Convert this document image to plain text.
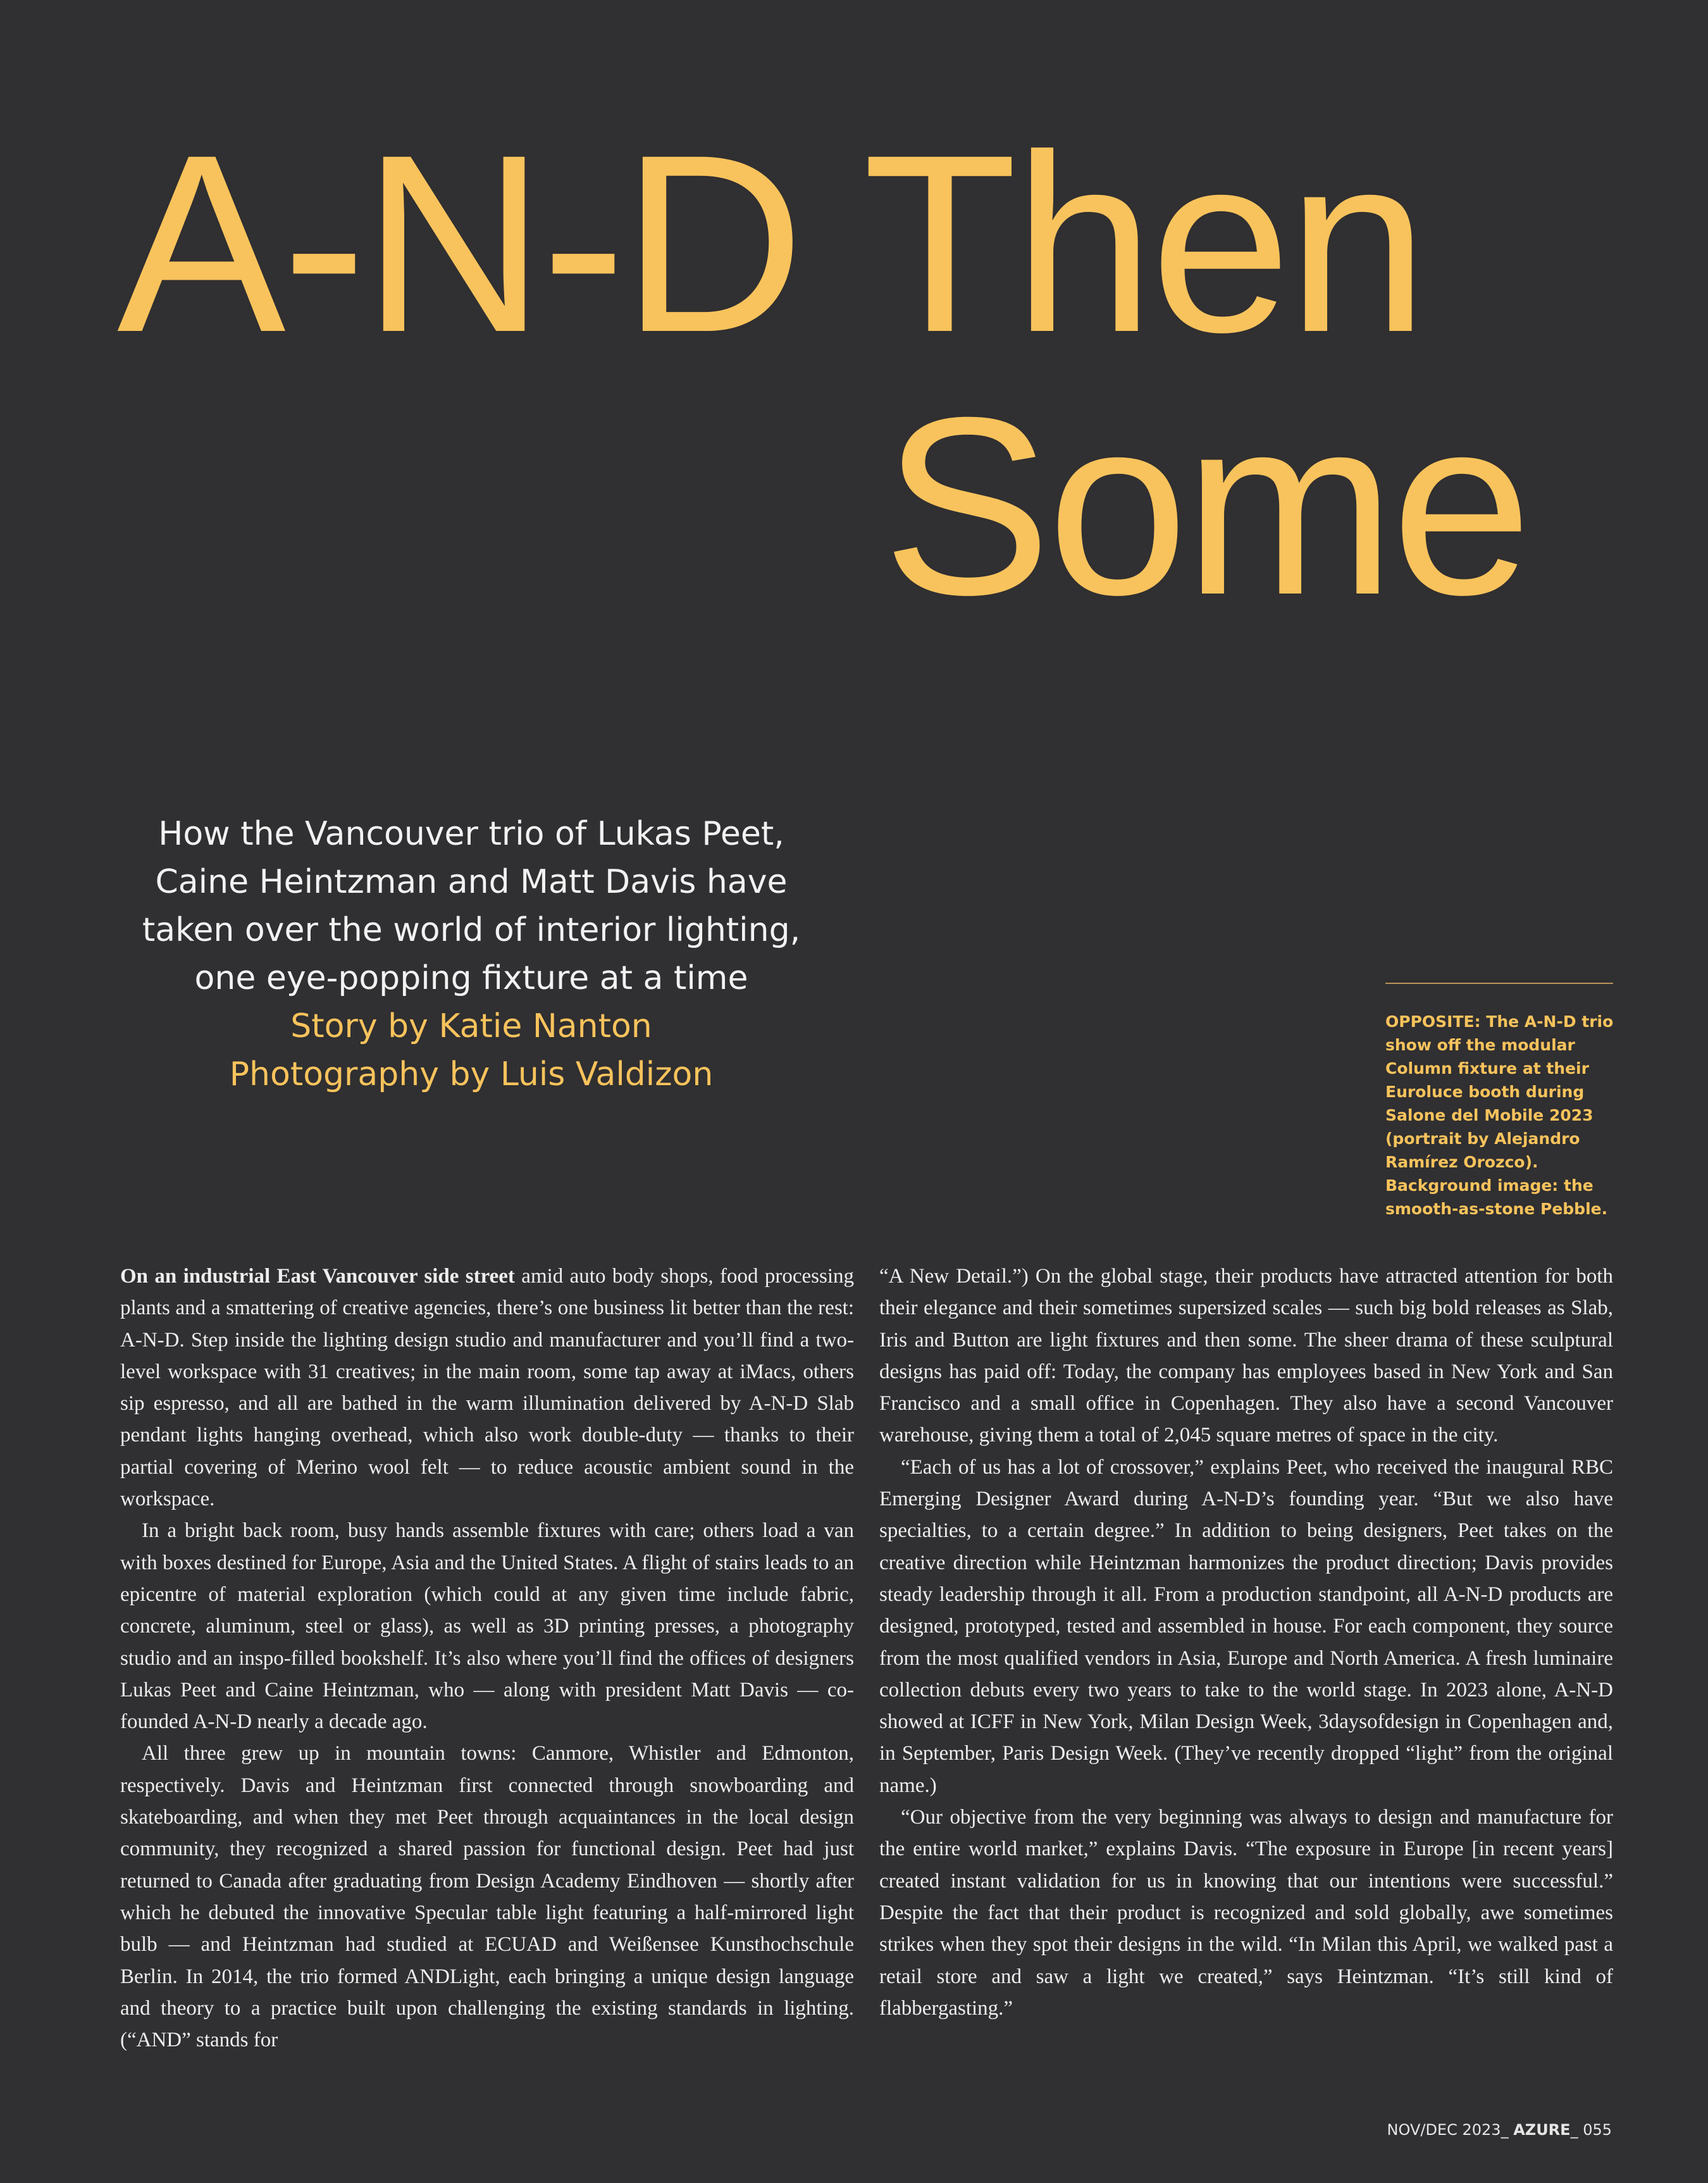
A-N-D Then
Some
How the Vancouver trio of Lukas Peet,
Caine Heintzman and Matt Davis have
taken over the world of interior lighting,
one eye-popping fixture at a time
Story by Katie Nanton
Photography by Luis Valdizon

OPPOSITE: The A-N-D trio show off the modular Column fixture at their Euroluce booth during Salone del Mobile 2023 (portrait by Alejandro Ramírez Orozco). Background image: the smooth-as-stone Pebble.

On an industrial East Vancouver side street amid auto body shops, food processing plants and a smattering of creative agencies, there’s one business lit better than the rest: A-N-D. Step inside the lighting design studio and manufacturer and you’ll find a two-level workspace with 31 creatives; in the main room, some tap away at iMacs, others sip espresso, and all are bathed in the warm illumination delivered by A-N-D Slab pendant lights hanging overhead, which also work double-duty — thanks to their partial covering of Merino wool felt — to reduce acoustic ambient sound in the workspace.

In a bright back room, busy hands assemble fixtures with care; others load a van with boxes destined for Europe, Asia and the United States. A flight of stairs leads to an epicentre of material exploration (which could at any given time include fabric, concrete, aluminum, steel or glass), as well as 3D printing presses, a photography studio and an inspo-filled bookshelf. It’s also where you’ll find the offices of designers Lukas Peet and Caine Heintzman, who — along with president Matt Davis — co-founded A-N-D nearly a decade ago.

All three grew up in mountain towns: Canmore, Whistler and Edmonton, respectively. Davis and Heintzman first connected through snowboarding and skateboarding, and when they met Peet through acquaintances in the local design community, they recognized a shared passion for functional design. Peet had just returned to Canada after graduating from Design Academy Eindhoven — shortly after which he debuted the innovative Specular table light featuring a half-mirrored light bulb — and Heintzman had studied at ECUAD and Weißensee Kunsthochschule Berlin. In 2014, the trio formed ANDLight, each bringing a unique design language and theory to a practice built upon challenging the existing standards in lighting. (“AND” stands for

“A New Detail.”) On the global stage, their products have attracted attention for both their elegance and their sometimes supersized scales — such big bold releases as Slab, Iris and Button are light fixtures and then some. The sheer drama of these sculptural designs has paid off: Today, the company has employees based in New York and San Francisco and a small office in Copenhagen. They also have a second Vancouver warehouse, giving them a total of 2,045 square metres of space in the city.

“Each of us has a lot of crossover,” explains Peet, who received the inaugural RBC Emerging Designer Award during A-N-D’s founding year. “But we also have specialties, to a certain degree.” In addition to being designers, Peet takes on the creative direction while Heintzman harmonizes the product direction; Davis provides steady leadership through it all. From a production standpoint, all A-N-D products are designed, prototyped, tested and assembled in house. For each component, they source from the most qualified vendors in Asia, Europe and North America. A fresh luminaire collection debuts every two years to take to the world stage. In 2023 alone, A-N-D showed at ICFF in New York, Milan Design Week, 3daysofdesign in Copenhagen and, in September, Paris Design Week. (They’ve recently dropped “light” from the original name.)

“Our objective from the very beginning was always to design and manufacture for the entire world market,” explains Davis. “The exposure in Europe [in recent years] created instant validation for us in knowing that our intentions were successful.” Despite the fact that their product is recognized and sold globally, awe sometimes strikes when they spot their designs in the wild. “In Milan this April, we walked past a retail store and saw a light we created,” says Heintzman. “It’s still kind of flabbergasting.”

NOV/DEC 2023_ AZURE_ 055
